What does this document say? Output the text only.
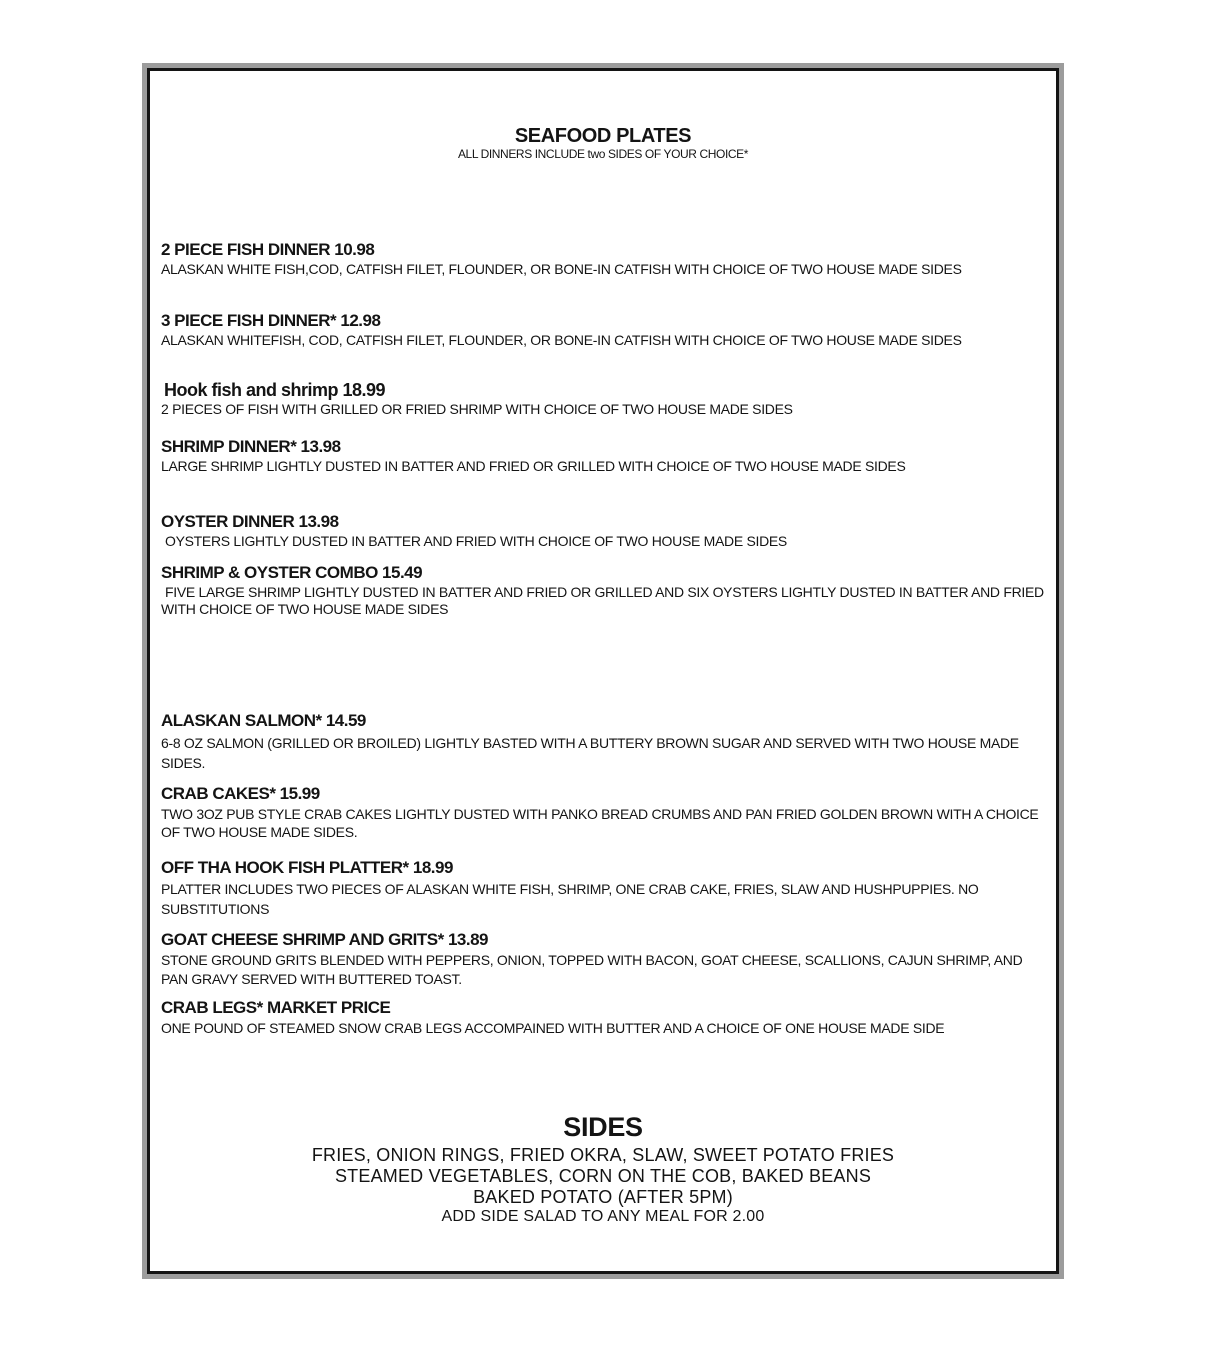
SEAFOOD PLATES
ALL DINNERS INCLUDE two SIDES OF YOUR CHOICE*
2 PIECE FISH DINNER 10.98
ALASKAN WHITE FISH,COD, CATFISH FILET, FLOUNDER, OR BONE-IN CATFISH WITH CHOICE OF TWO HOUSE MADE SIDES
3 PIECE FISH DINNER* 12.98
ALASKAN WHITEFISH, COD, CATFISH FILET, FLOUNDER, OR BONE-IN CATFISH WITH CHOICE OF TWO HOUSE MADE SIDES
Hook fish and shrimp 18.99
2 PIECES OF FISH WITH GRILLED OR FRIED SHRIMP WITH CHOICE OF TWO HOUSE MADE SIDES
SHRIMP DINNER* 13.98
LARGE SHRIMP LIGHTLY DUSTED IN BATTER AND FRIED OR GRILLED WITH CHOICE OF TWO HOUSE MADE SIDES
OYSTER DINNER 13.98
OYSTERS LIGHTLY DUSTED IN BATTER AND FRIED WITH CHOICE OF TWO HOUSE MADE SIDES
SHRIMP & OYSTER COMBO 15.49
FIVE LARGE SHRIMP LIGHTLY DUSTED IN BATTER AND FRIED OR GRILLED AND SIX OYSTERS LIGHTLY DUSTED IN BATTER AND FRIED WITH CHOICE OF TWO HOUSE MADE SIDES
ALASKAN SALMON* 14.59
6-8 OZ SALMON (GRILLED OR BROILED) LIGHTLY BASTED WITH A BUTTERY BROWN SUGAR AND SERVED WITH TWO HOUSE MADE SIDES.
CRAB CAKES* 15.99
TWO 3OZ PUB STYLE CRAB CAKES LIGHTLY DUSTED WITH PANKO BREAD CRUMBS AND PAN FRIED GOLDEN BROWN WITH A CHOICE OF TWO HOUSE MADE SIDES.
OFF THA HOOK FISH PLATTER* 18.99
PLATTER INCLUDES TWO PIECES OF ALASKAN WHITE FISH, SHRIMP, ONE CRAB CAKE, FRIES, SLAW AND HUSHPUPPIES. NO SUBSTITUTIONS
GOAT CHEESE SHRIMP AND GRITS* 13.89
STONE GROUND GRITS BLENDED WITH PEPPERS, ONION, TOPPED WITH BACON, GOAT CHEESE, SCALLIONS, CAJUN SHRIMP, AND PAN GRAVY SERVED WITH BUTTERED TOAST.
CRAB LEGS* MARKET PRICE
ONE POUND OF STEAMED SNOW CRAB LEGS ACCOMPAINED WITH BUTTER AND A CHOICE OF ONE HOUSE MADE SIDE
SIDES
FRIES, ONION RINGS, FRIED OKRA, SLAW, SWEET POTATO FRIES
STEAMED VEGETABLES, CORN ON THE COB, BAKED BEANS
BAKED POTATO (AFTER 5PM)
ADD SIDE SALAD TO ANY MEAL FOR 2.00
